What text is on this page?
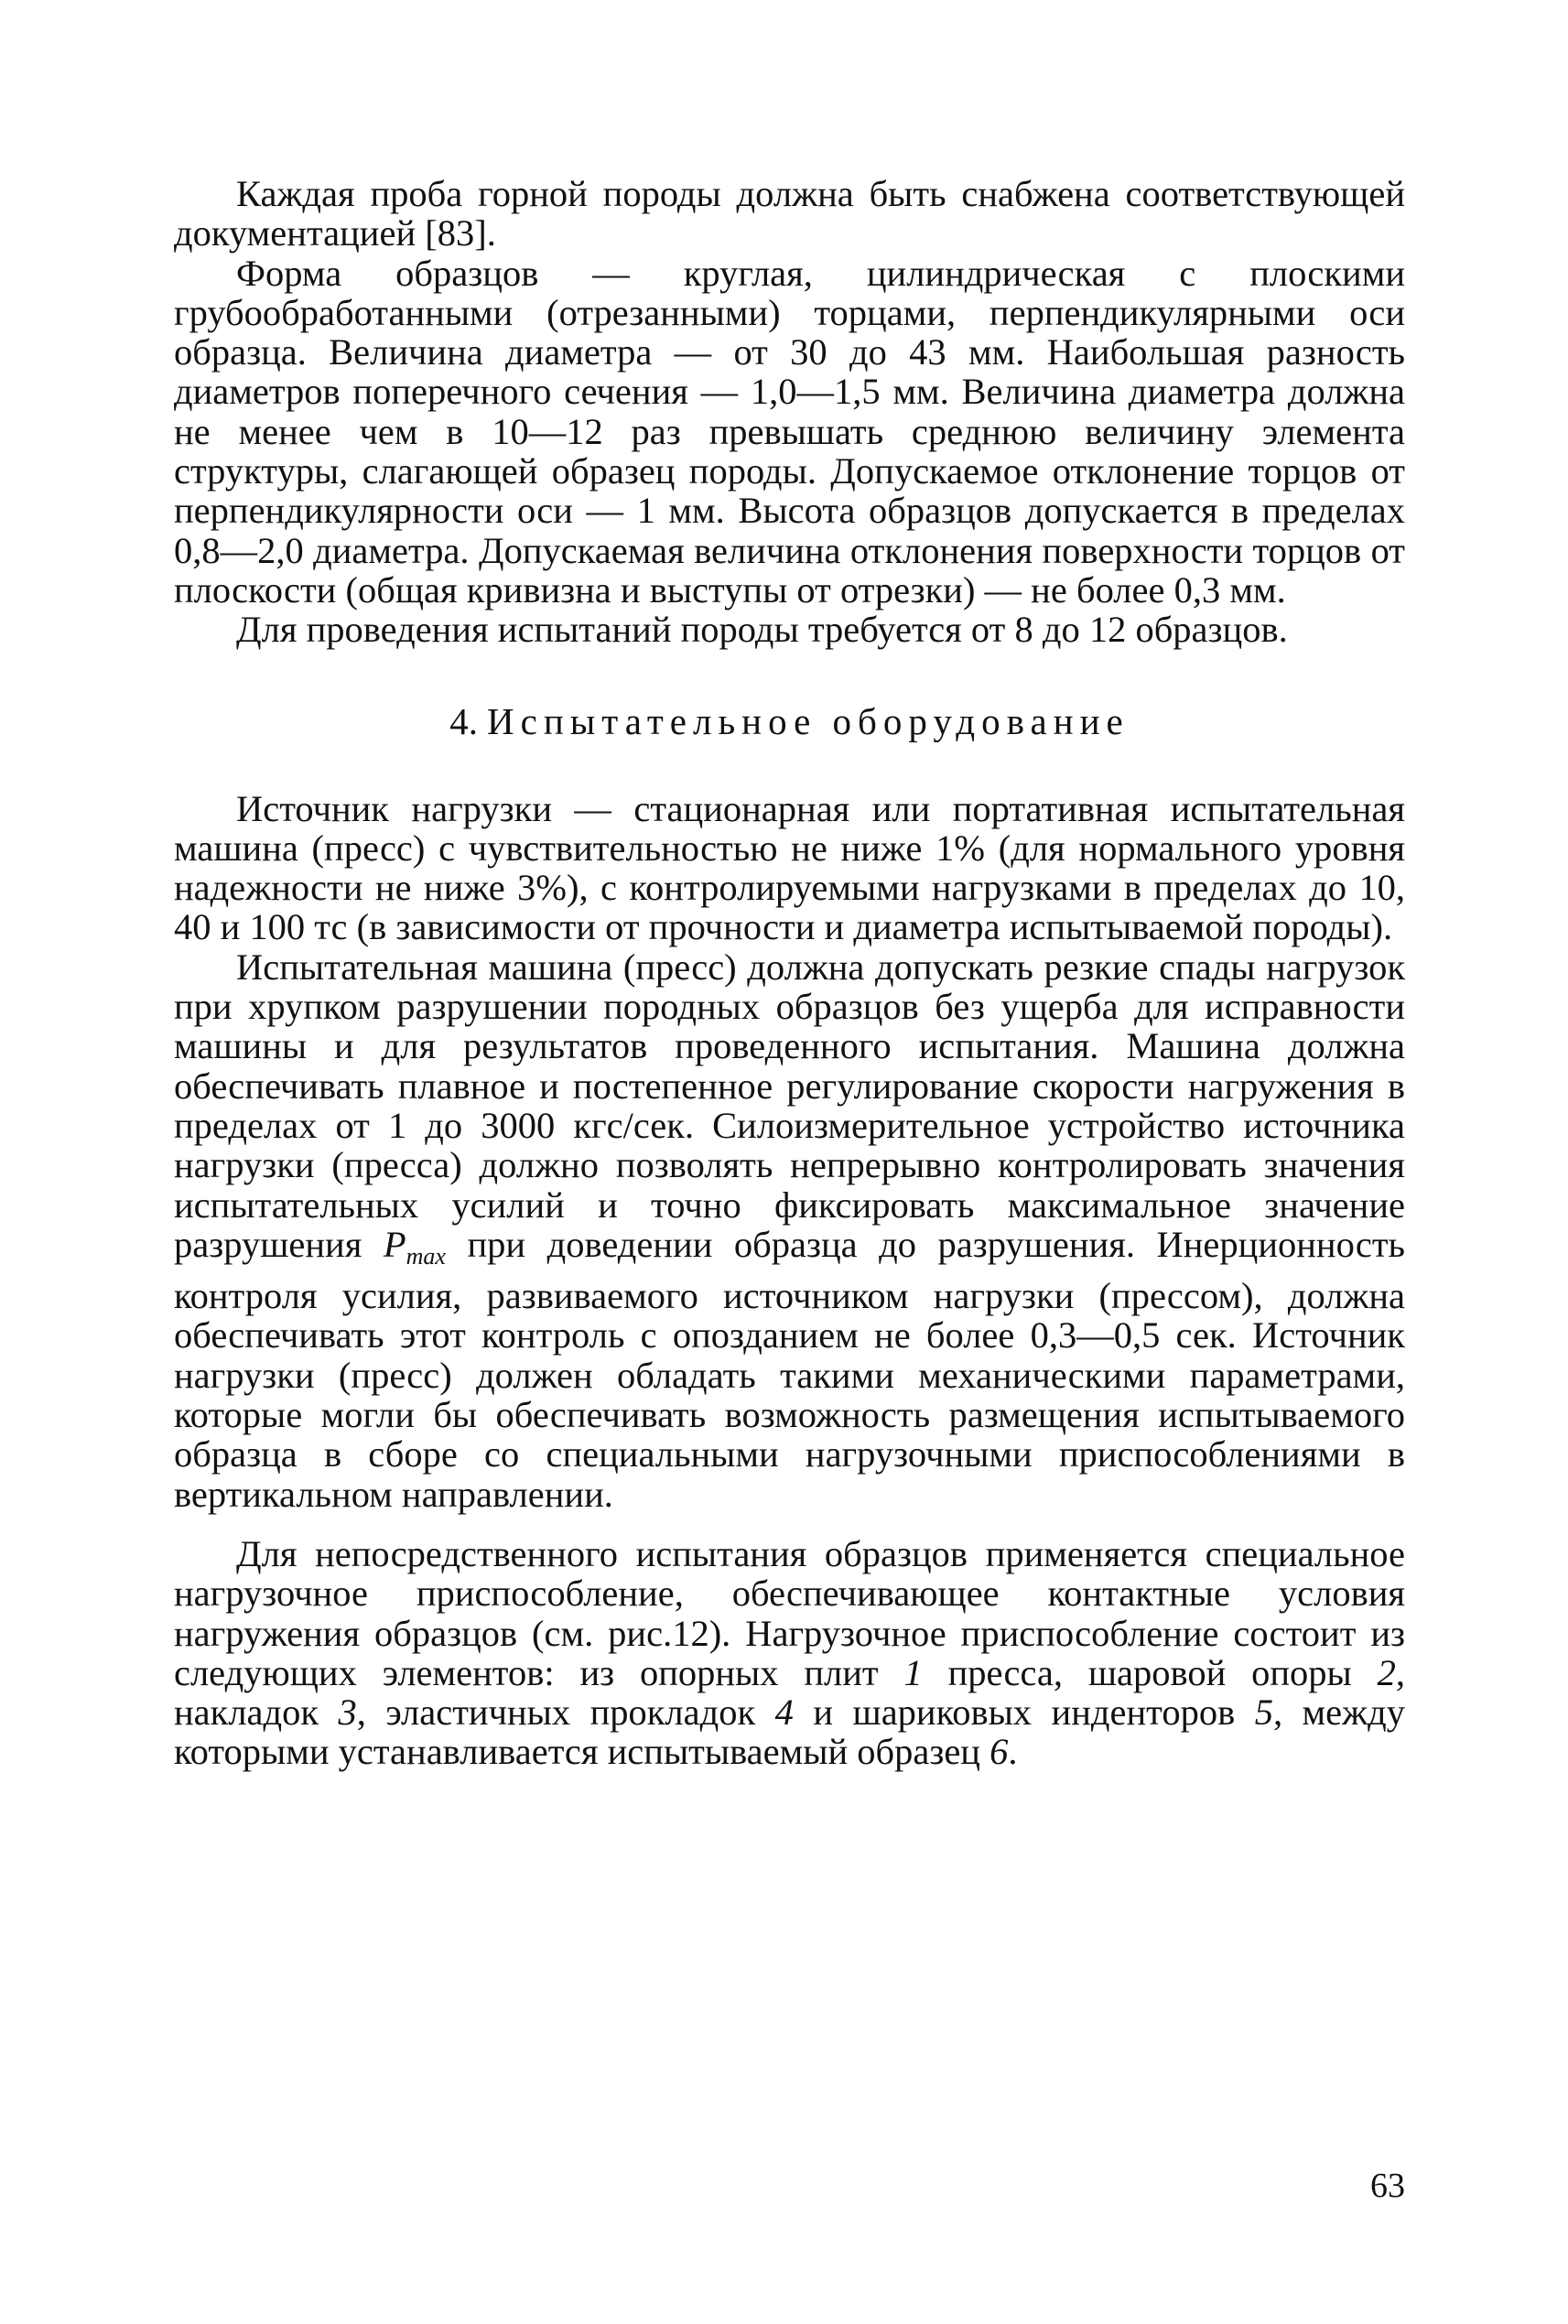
Каждая проба горной породы должна быть снабжена соответствующей документацией [83].

Форма образцов — круглая, цилиндрическая с плоскими грубообработанными (отрезанными) торцами, перпендикулярными оси образца. Величина диаметра — от 30 до 43 мм. Наибольшая разность диаметров поперечного сечения — 1,0—1,5 мм. Величина диаметра должна не менее чем в 10—12 раз превышать среднюю величину элемента структуры, слагающей образец породы. Допускаемое отклонение торцов от перпендикулярности оси — 1 мм. Высота образцов допускается в пределах 0,8—2,0 диаметра. Допускаемая величина отклонения поверхности торцов от плоскости (общая кривизна и выступы от отрезки) — не более 0,3 мм.

Для проведения испытаний породы требуется от 8 до 12 образцов.

4. Испытательное оборудование

Источник нагрузки — стационарная или портативная испытательная машина (пресс) с чувствительностью не ниже 1% (для нормального уровня надежности не ниже 3%), с контролируемыми нагрузками в пределах до 10, 40 и 100 тс (в зависимости от прочности и диаметра испытываемой породы).

Испытательная машина (пресс) должна допускать резкие спады нагрузок при хрупком разрушении породных образцов без ущерба для исправности машины и для результатов проведенного испытания. Машина должна обеспечивать плавное и постепенное регулирование скорости нагружения в пределах от 1 до 3000 кгс/сек. Силоизмерительное устройство источника нагрузки (пресса) должно позволять непрерывно контролировать значения испытательных усилий и точно фиксировать максимальное значение разрушения $P_{max}$ при доведении образца до разрушения. Инерционность контроля усилия, развиваемого источником нагрузки (прессом), должна обеспечивать этот контроль с опозданием не более 0,3—0,5 сек. Источник нагрузки (пресс) должен обладать такими механическими параметрами, которые могли бы обеспечивать возможность размещения испытываемого образца в сборе со специальными нагрузочными приспособлениями в вертикальном направлении.

Для непосредственного испытания образцов применяется специальное нагрузочное приспособление, обеспечивающее контактные условия нагружения образцов (см. рис.12). Нагрузочное приспособление состоит из следующих элементов: из опорных плит 1 пресса, шаровой опоры 2, накладок 3, эластичных прокладок 4 и шариковых инденторов 5, между которыми устанавливается испытываемый образец 6.

63
